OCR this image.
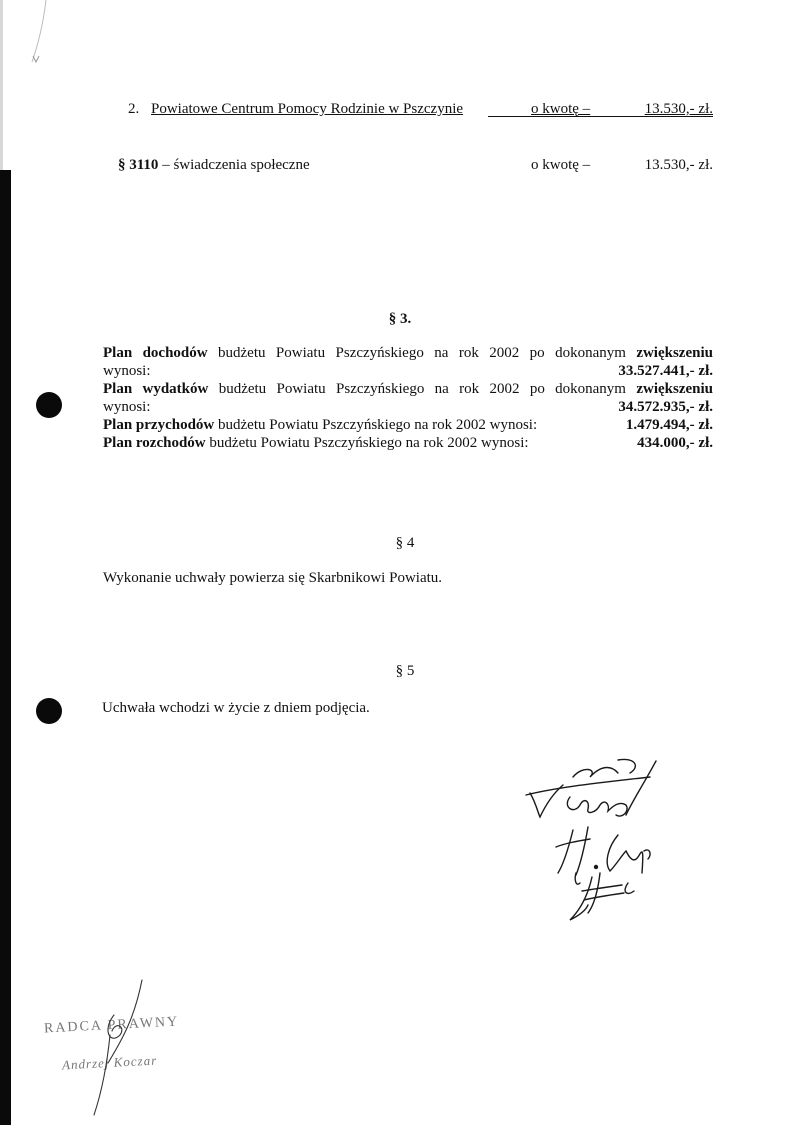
2. Powiatowe Centrum Pomocy Rodzinie w Pszczynie	o kwotę –	13.530,- zł.
§ 3110 – świadczenia społeczne	o kwotę –	13.530,- zł.
§ 3.
Plan dochodów budżetu Powiatu Pszczyńskiego na rok 2002 po dokonanym zwiększeniu
wynosi:	33.527.441,- zł.
Plan wydatków budżetu Powiatu Pszczyńskiego na rok 2002 po dokonanym zwiększeniu
wynosi:	34.572.935,- zł.
Plan przychodów budżetu Powiatu Pszczyńskiego na rok 2002 wynosi:	1.479.494,- zł.
Plan rozchodów budżetu Powiatu Pszczyńskiego na rok 2002 wynosi:	434.000,- zł.
§ 4
Wykonanie uchwały powierza się Skarbnikowi Powiatu.
§ 5
Uchwała wchodzi w życie z dniem podjęcia.
RADCA PRAWNY
Andrzej Koczar
